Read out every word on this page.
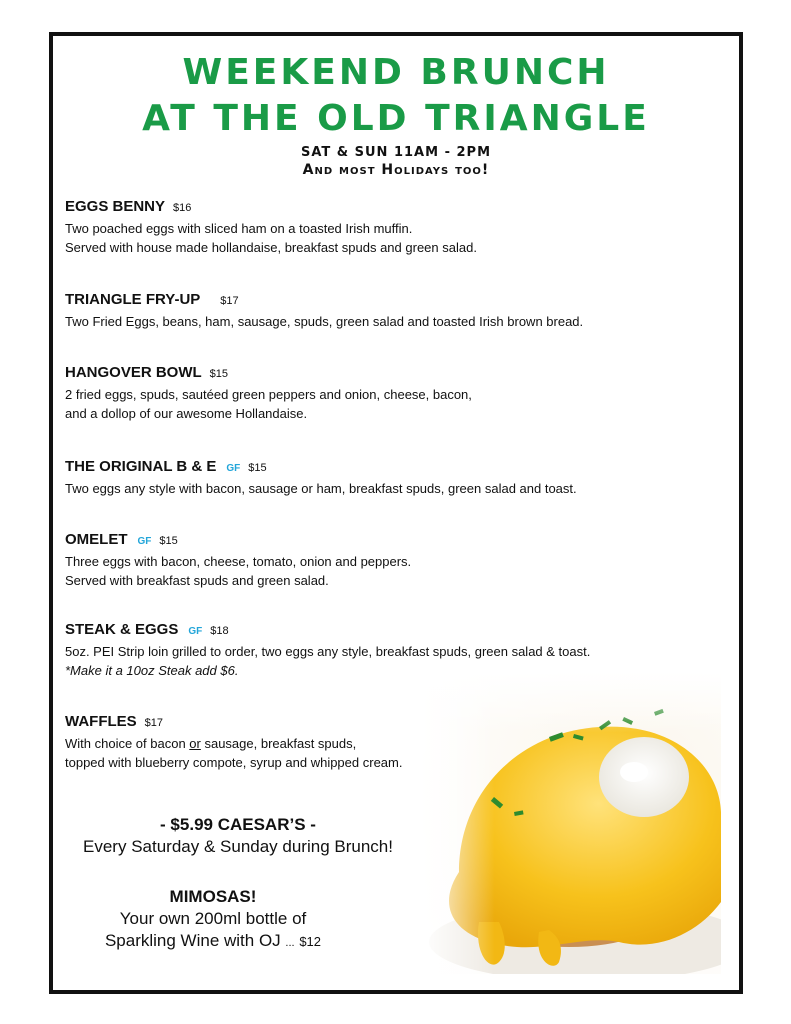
WEEKEND BRUNCH
AT THE OLD TRIANGLE
SAT & SUN 11AM - 2PM
And most Holidays too!
EGGS BENNY $16
Two poached eggs with sliced ham on a toasted Irish muffin.
Served with house made hollandaise, breakfast spuds and green salad.
TRIANGLE FRY-UP $17
Two Fried Eggs, beans, ham, sausage, spuds, green salad and toasted Irish brown bread.
HANGOVER BOWL $15
2 fried eggs, spuds, sautéed green peppers and onion, cheese, bacon,
and a dollop of our awesome Hollandaise.
THE ORIGINAL B & E GF $15
Two eggs any style with bacon, sausage or ham, breakfast spuds, green salad and toast.
OMELET GF $15
Three eggs with bacon, cheese, tomato, onion and peppers.
Served with breakfast spuds and green salad.
STEAK & EGGS GF $18
5oz. PEI Strip loin grilled to order, two eggs any style, breakfast spuds, green salad & toast.
*Make it a 10oz Steak add $6.
WAFFLES $17
With choice of bacon or sausage, breakfast spuds,
topped with blueberry compote, syrup and whipped cream.
- $5.99 CAESAR’S -
Every Saturday & Sunday during Brunch!
MIMOSAS!
Your own 200ml bottle of
Sparkling Wine with OJ ... $12
